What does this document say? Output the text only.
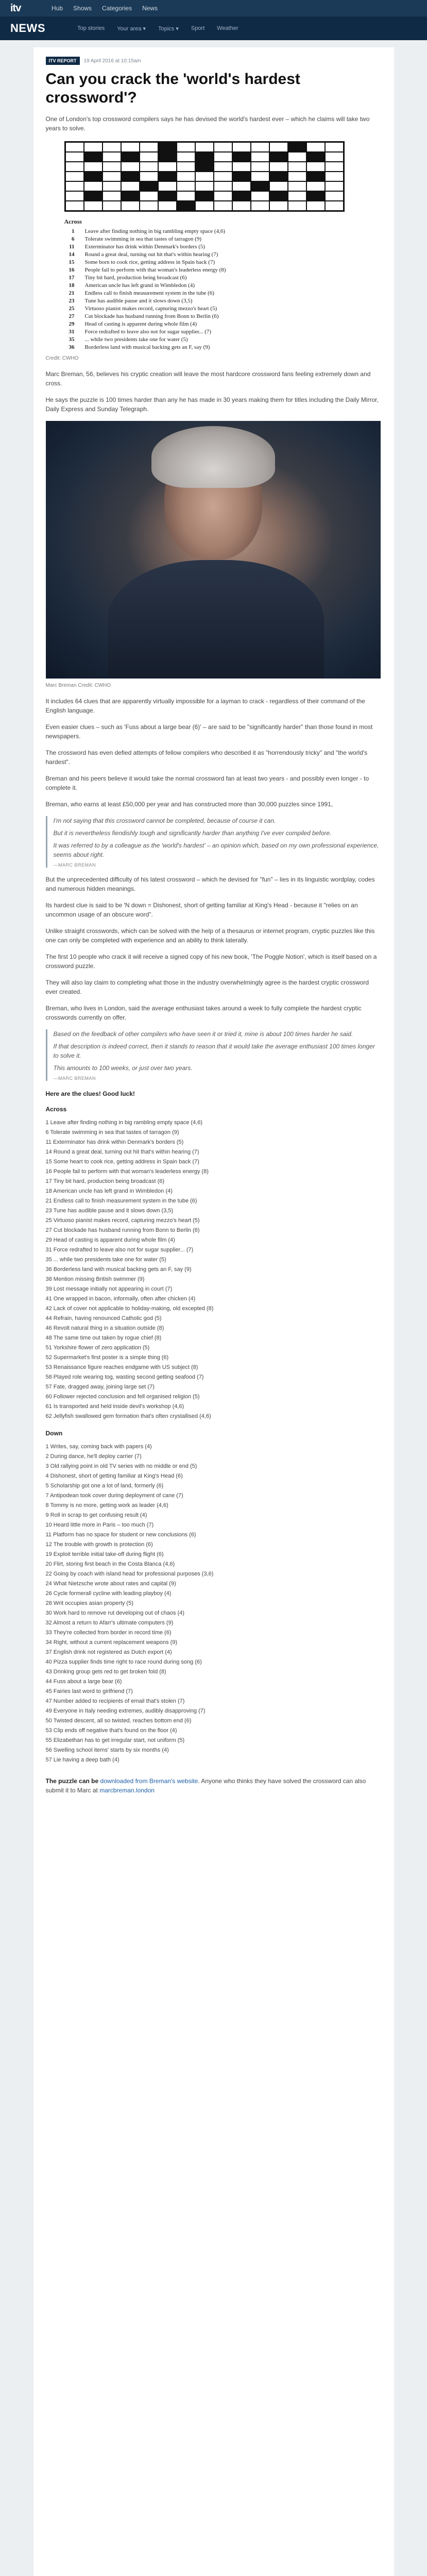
itv	Hub Shows Categories News
NEWS	Top stories Your area ▾ Topics ▾ Sport Weather
ITV REPORT	19 April 2016 at 10:15am
Can you crack the 'world's hardest crossword'?

One of London's top crossword compilers says he has devised the world's hardest ever – which he claims will take two years to solve.

Across
1	Leave after finding nothing in big rambling empty space (4,6)
6	Tolerate swimming in sea that tastes of tarragon (9)
11	Exterminator has drink within Denmark's borders (5)
14	Round a great deal, turning out hit that's within hearing (7)
15	Some born to cook rice, getting address in Spain back (7)
16	People fail to perform with that woman's leaderless energy (8)
17	Tiny bit hard, production being broadcast (6)
18	American uncle has left grand in Wimbledon (4)
21	Endless call to finish measurement system in the tube (6)
23	Tune has audible pause and it slows down (3,5)
25	Virtuoso pianist makes record, capturing mezzo's heart (5)
27	Cut blockade has husband running from Bonn to Berlin (6)
29	Head of casting is apparent during whole film (4)
31	Force redrafted to leave also not for sugar supplier... (7)
35	... while two presidents take one for water (5)
36	Borderless land with musical backing gets an F, say (9)
Credit: CWHO

Marc Breman, 56, believes his cryptic creation will leave the most hardcore crossword fans feeling extremely down and cross.

He says the puzzle is 100 times harder than any he has made in 30 years making them for titles including the Daily Mirror, Daily Express and Sunday Telegraph.

Marc Breman Credit: CWHO

It includes 64 clues that are apparently virtually impossible for a layman to crack - regardless of their command of the English language.

Even easier clues – such as 'Fuss about a large bear (6)' – are said to be "significantly harder" than those found in most newspapers.

The crossword has even defied attempts of fellow compilers who described it as "horrendously tricky" and "the world's hardest".

Breman and his peers believe it would take the normal crossword fan at least two years - and possibly even longer - to complete it.

Breman, who earns at least £50,000 per year and has constructed more than 30,000 puzzles since 1991,

I'm not saying that this crossword cannot be completed, because of course it can.

But it is nevertheless fiendishly tough and significantly harder than anything I've ever compiled before.

It was referred to by a colleague as the 'world's hardest' – an opinion which, based on my own professional experience, seems about right.

—MARC BREMAN

But the unprecedented difficulty of his latest crossword – which he devised for "fun" – lies in its linguistic wordplay, codes and numerous hidden meanings.

Its hardest clue is said to be 'N down = Dishonest, short of getting familiar at King's Head - because it "relies on an uncommon usage of an obscure word".

Unlike straight crosswords, which can be solved with the help of a thesaurus or internet program, cryptic puzzles like this one can only be completed with experience and an ability to think laterally.

The first 10 people who crack it will receive a signed copy of his new book, 'The Poggle Notion', which is itself based on a crossword puzzle.

They will also lay claim to completing what those in the industry overwhelmingly agree is the hardest cryptic crossword ever created.

Breman, who lives in London, said the average enthusiast takes around a week to fully complete the hardest cryptic crosswords currently on offer.

Based on the feedback of other compilers who have seen it or tried it, mine is about 100 times harder he said.

If that description is indeed correct, then it stands to reason that it would take the average enthusiast 100 times longer to solve it.

This amounts to 100 weeks, or just over two years.

—MARC BREMAN
Here are the clues! Good luck!
Across
1 Leave after finding nothing in big rambling empty space (4,6)
6 Tolerate swimming in sea that tastes of tarragon (9)
11 Exterminator has drink within Denmark's borders (5)
14 Round a great deal, turning out hit that's within hearing (7)
15 Some heart to cook rice, getting address in Spain back (7)
16 People fail to perform with that woman's leaderless energy (8)
17 Tiny bit hard, production being broadcast (6)
18 American uncle has left grand in Wimbledon (4)
21 Endless call to finish measurement system in the tube (6)
23 Tune has audible pause and it slows down (3,5)
25 Virtuoso pianist makes record, capturing mezzo's heart (5)
27 Cut blockade has husband running from Bonn to Berlin (6)
29 Head of casting is apparent during whole film (4)
31 Force redrafted to leave also not for sugar supplier... (7)
35 ... while two presidents take one for water (5)
36 Borderless land with musical backing gets an F, say (9)
38 Mention missing British swimmer (9)
39 Lost message initially not appearing in court (7)
41 One wrapped in bacon, informally, often after chicken (4)
42 Lack of cover not applicable to holiday-making, old excepted (8)
44 Refrain, having renounced Catholic god (5)
46 Revolt natural thing in a situation outside (8)
48 The same time out taken by rogue chief (8)
51 Yorkshire flower of zero application (5)
52 Supermarket's first poster is a simple thing (6)
53 Renaissance figure reaches endgame with US subject (8)
58 Played role wearing tog, wasting second getting seafood (7)
57 Fate, dragged away, joining large set (7)
60 Follower rejected conclusion and fell organised religion (5)
61 Is transported and held inside devil's workshop (4,6)
62 Jellyfish swallowed gem formation that's often crystallised (4,6)
Down
1 Writes, say, coming back with papers (4)
2 During dance, he'll deploy carrier (7)
3 Old rallying point in old TV series with no middle or end (5)
4 Dishonest, short of getting familiar at King's Head (6)
5 Scholarship got one a lot of land, formerly (6)
7 Antipodean took cover during deployment of cane (7)
8 Tommy is no more, getting work as leader (4,6)
9 Roll in scrap to get confusing result (4)
10 Heard little more in Paris – too much (7)
11 Platform has no space for student or new conclusions (6)
12 The trouble with growth is protection (6)
19 Exploit terrible initial take-off during flight (6)
20 Flirt, storing first beach in the Costa Blanca (4,6)
22 Going by coach with island head for professional purposes (3,6)
24 What Nietzsche wrote about rates and capital (9)
26 Cycle formerall cycline with leading playboy (4)
28 Writ occupies asian property (5)
30 Work hard to remove rut developing out of chaos (4)
32 Almost a return to Afarr's ultimate computers (9)
33 They're collected from border in record time (6)
34 Right, without a current replacement weapons (9)
37 English drink not registered as Dutch export (4)
40 Pizza supplier finds time right to race round during song (6)
43 Drinking group gets red to get broken fold (8)
44 Fuss about a large bear (6)
45 Fairies last word to girlfriend (7)
47 Number added to recipients of email that's stolen (7)
49 Everyone in Italy needing extremes, audibly disapproving (7)
50 Twisted descent, all so twisted, reaches bottom end (6)
53 Clip ends off negative that's found on the floor (4)
55 Elizabethan has to get irregular start, not uniform (5)
56 Swelling school items' starts by six months (4)
57 Lie having a deep bath (4)

The puzzle can be downloaded from Breman's website. Anyone who thinks they have solved the crossword can also submit it to Marc at marcbreman.london
